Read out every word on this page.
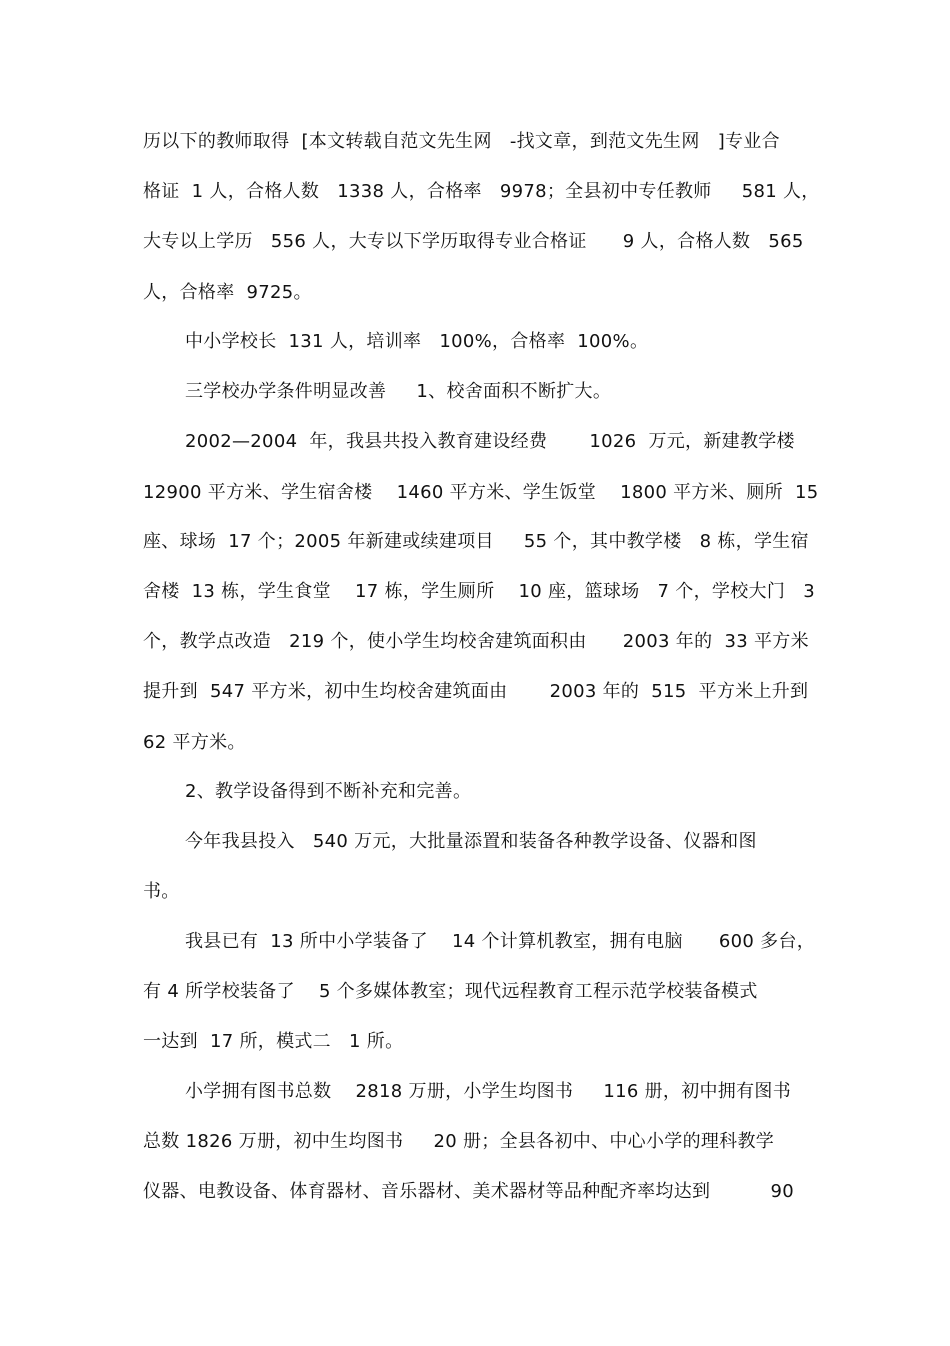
历以下的教师取得  [本文转载自范文先生网   -找文章，到范文先生网   ]专业合
格证  1 人，合格人数   1338 人，合格率   9978；全县初中专任教师     581 人，
大专以上学历   556 人，大专以下学历取得专业合格证      9 人，合格人数   565
人，合格率  9725。
中小学校长  131 人，培训率   100%，合格率  100%。
三学校办学条件明显改善     1、校舍面积不断扩大。
2002—2004  年，我县共投入教育建设经费       1026  万元，新建教学楼
12900 平方米、学生宿舍楼    1460 平方米、学生饭堂    1800 平方米、厕所  15
座、球场  17 个；2005 年新建或续建项目     55 个，其中教学楼   8 栋，学生宿
舍楼  13 栋，学生食堂    17 栋，学生厕所    10 座，篮球场   7 个，学校大门   3
个，教学点改造   219 个，使小学生均校舍建筑面积由      2003 年的  33 平方米
提升到  547 平方米，初中生均校舍建筑面由       2003 年的  515  平方米上升到
62 平方米。
2、教学设备得到不断补充和完善。
今年我县投入   540 万元，大批量添置和装备各种教学设备、仪器和图
书。
我县已有  13 所中小学装备了    14 个计算机教室，拥有电脑      600 多台，
有 4 所学校装备了    5 个多媒体教室；现代远程教育工程示范学校装备模式
一达到  17 所，模式二   1 所。
小学拥有图书总数    2818 万册，小学生均图书     116 册，初中拥有图书
总数 1826 万册，初中生均图书     20 册；全县各初中、中心小学的理科教学
仪器、电教设备、体育器材、音乐器材、美术器材等品种配齐率均达到          90
